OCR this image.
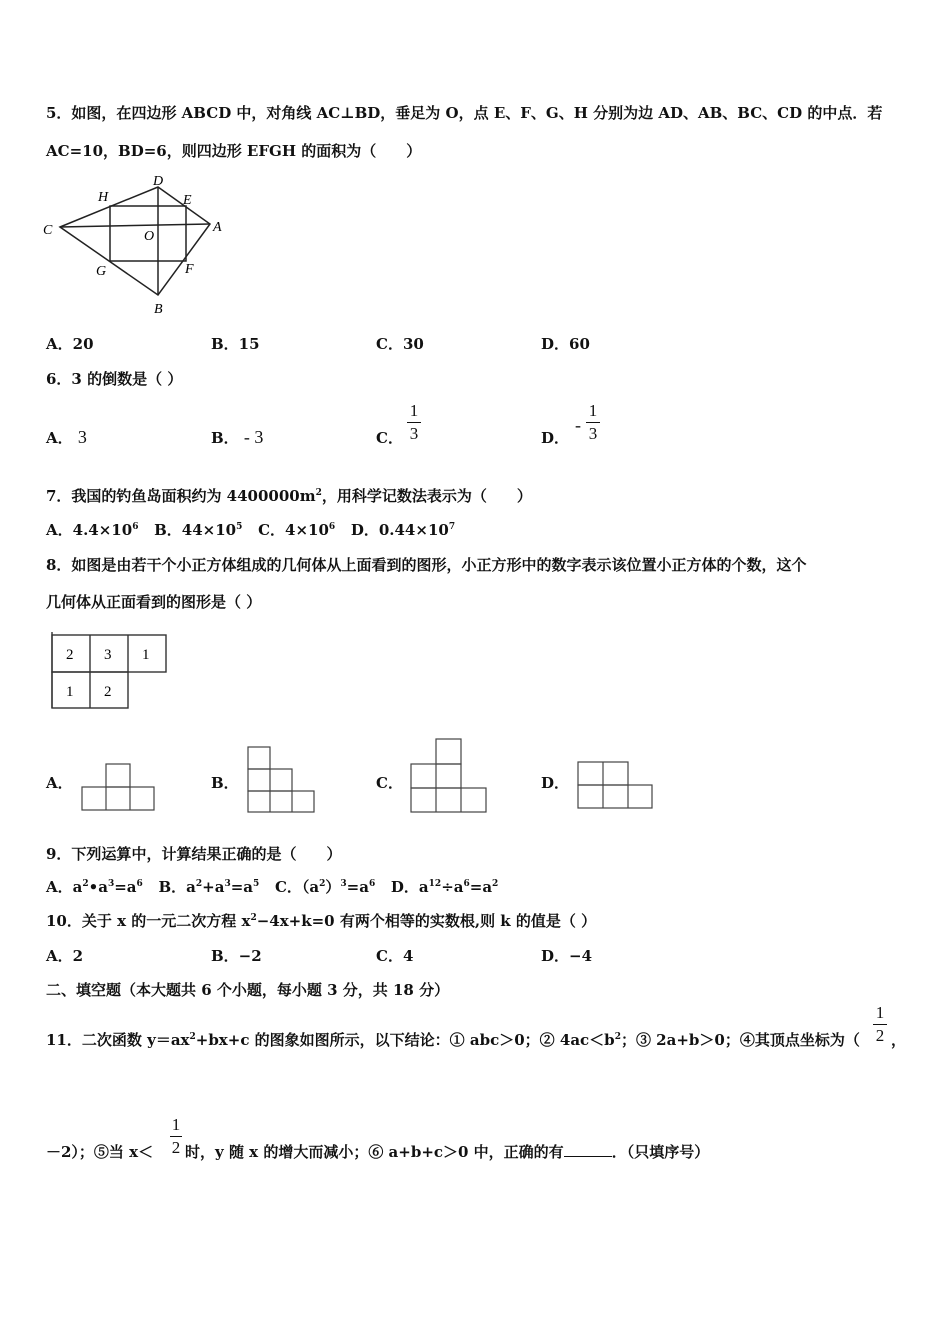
5．如图，在四边形 ABCD 中，对角线 AC⊥BD，垂足为 O，点 E、F、G、H 分别为边 AD、AB、BC、CD 的中点．若
AC=10，BD=6，则四边形 EFGH 的面积为（　　）
D
H	E
C	O
A
G	F
B
A．20	B．15	C．30	D．60
6．3 的倒数是（ ）
A． 3	B． - 3	C．
1
3	D．
-
1
3
7．我国的钓鱼岛面积约为 $4400000m^2$，用科学记数法表示为（　　）
A．$4.4\times 10^6$ B．$44\times 10^5$ C．$4\times 10^6$ D．$0.44\times 10^7$
8．如图是由若干个小正方体组成的几何体从上面看到的图形，小正方形中的数字表示该位置小正方体的个数，这个
几何体从正面看到的图形是（ ）
2 3 1
1 2
A．	B．	C．	D．
9．下列运算中，计算结果正确的是（　　）
A．$a^2•a^3=a^6$ B．$a^2+a^3=a^5$ C．$(a^2)^3=a^6$ D．$a^{12}\div a^6=a^2$
10．关于 x 的一元二次方程 $x^2-4x+k=0$ 有两个相等的实数根,则 k 的值是（ ）
A．2	B．−2	C．4	D．−4
二、填空题（本大题共 6 个小题，每小题 3 分，共 18 分）
11．二次函数 $y=ax^2+bx+c$ 的图象如图所示，以下结论：① abc＞0；② $4ac<b^2$；③ 2a+b＞0；④其顶点坐标为（
1
2 ，
－2）；⑤当 x＜
1
2 时，y 随 x 的增大而减小；⑥ a+b+c＞0 中，正确的有	．（只填序号）
